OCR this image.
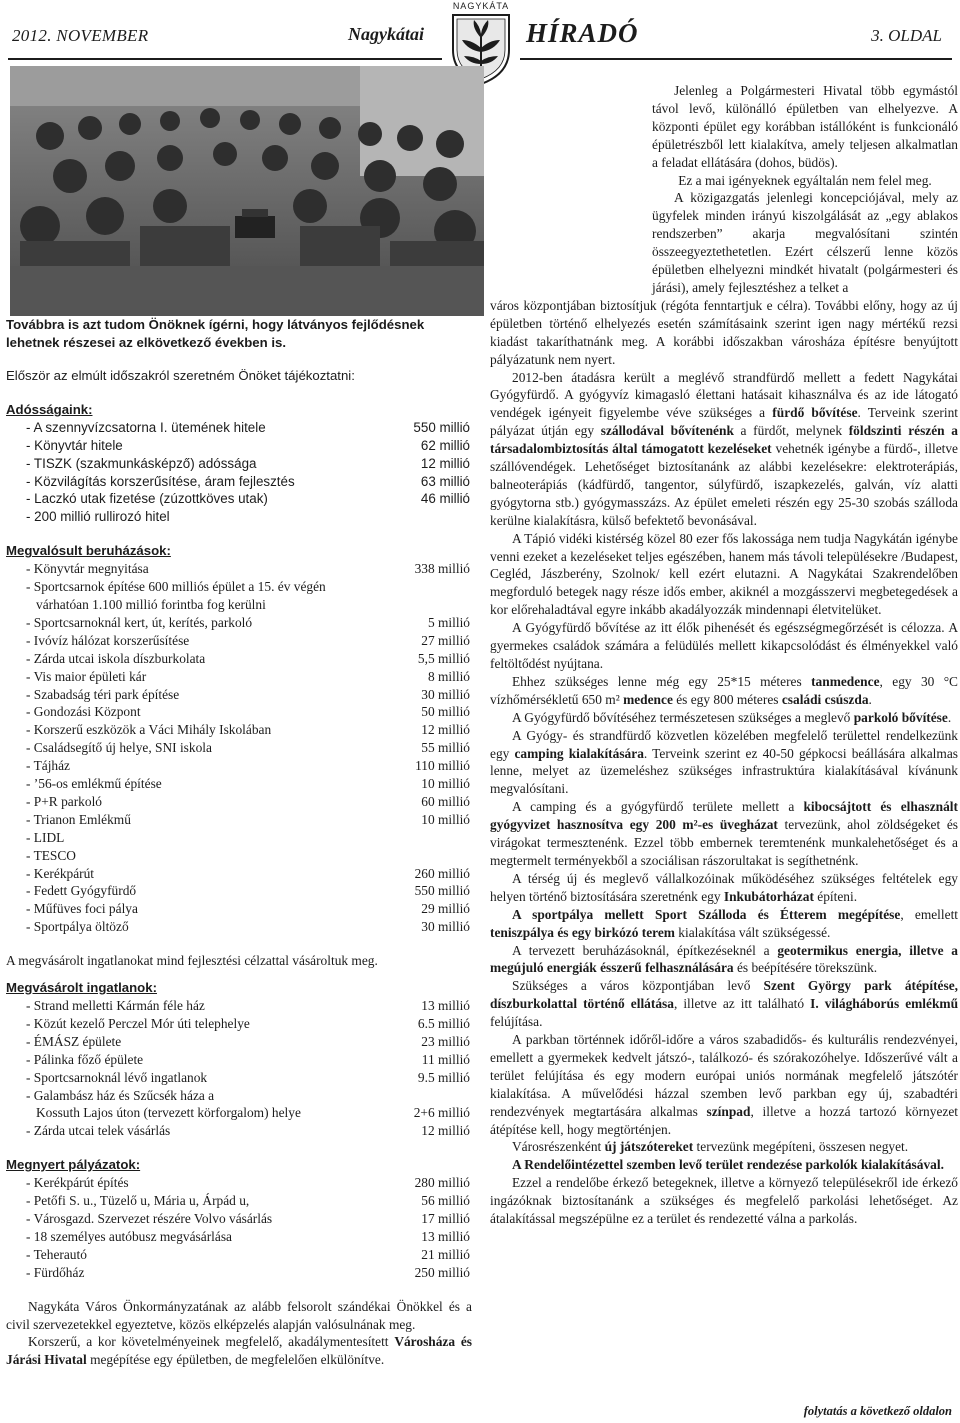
2012. NOVEMBER	Nagykátai	HÍRADÓ	3. OLDAL
NAGYKÁTA

Továbbra is azt tudom Önöknek ígérni, hogy látványos fejlődésnek lehetnek részesei az elkövetkező években is.

Először az elmúlt időszakról szeretném Önöket tájékoztatni:

Adósságaink:

- A szennyvízcsatorna I. ütemének hitele	550 millió
- Könyvtár hitele	62 millió
- TISZK (szakmunkásképző) adóssága	12 millió
- Közvilágítás korszerűsítése, áram fejlesztés	63 millió
- Laczkó utak fizetése (zúzottköves utak)	46 millió
- 200 millió rullirozó hitel

Megvalósult beruházások:

- Könyvtár megnyitása	338 millió
- Sportcsarnok építése 600 milliós épület a 15. év végén
várhatóan 1.100 millió forintba fog kerülni
- Sportcsarnoknál kert, út, kerítés, parkoló	5 millió
- Ivóvíz hálózat korszerűsítése	27 millió
- Zárda utcai iskola díszburkolata	5,5 millió
- Vis maior épületi kár	8 millió
- Szabadság téri park építése	30 millió
- Gondozási Központ	50 millió
- Korszerű eszközök a Váci Mihály Iskolában	12 millió
- Családsegítő új helye, SNI iskola	55 millió
- Tájház	110 millió
- ’56-os emlékmű építése	10 millió
- P+R parkoló	60 millió
- Trianon Emlékmű	10 millió
- LIDL
- TESCO
- Kerékpárút	260 millió
- Fedett Gyógyfürdő	550 millió
- Műfüves foci pálya	29 millió
- Sportpálya öltöző	30 millió

A megvásárolt ingatlanokat mind fejlesztési célzattal vásároltuk meg.

Megvásárolt ingatlanok:

- Strand melletti Kármán féle ház	13 millió
- Közút kezelő Perczel Mór úti telephelye	6.5 millió
- ÉMÁSZ épülete	23 millió
- Pálinka főző épülete	11 millió
- Sportcsarnoknál lévő ingatlanok	9.5 millió
- Galambász ház és Szűcsék háza a
Kossuth Lajos úton (tervezett körforgalom) helye	2+6 millió
- Zárda utcai telek vásárlás	12 millió

Megnyert pályázatok:

- Kerékpárút építés	280 millió
- Petőfi S. u., Tüzelő u, Mária u, Árpád u,	56 millió
- Városgazd. Szervezet részére Volvo vásárlás	17 millió
- 18 személyes autóbusz megvásárlása	13 millió
- Teherautó	21 millió
- Fürdőház	250 millió

Nagykáta Város Önkormányzatának az alább felsorolt szándékai Önökkel és a civil szervezetekkel egyeztetve, közös elképzelés alapján valósulnának meg.

Korszerű, a kor követelményeinek megfelelő, akadálymentesített Városháza és Járási Hivatal megépítése egy épületben, de megfelelően elkülönítve.

Jelenleg a Polgármesteri Hivatal több egymástól távol levő, különálló épületben van elhelyezve. A központi épület egy korábban istállóként is funkcionáló épületrészből lett kialakítva, amely teljesen alkalmatlan a feladat ellátására (dohos, büdös).

Ez a mai igényeknek egyáltalán nem felel meg.

A közigazgatás jelenlegi koncepciójával, mely az ügyfelek minden irányú kiszolgálását az „egy ablakos rendszerben” akarja megvalósítani szintén összeegyeztethetetlen. Ezért célszerű lenne közös épületben elhelyezni mindkét hivatalt (polgármesteri és járási), amely fejlesztéshez a telket a

város központjában biztosítjuk (régóta fenntartjuk e célra). További előny, hogy az új épületben történő elhelyezés esetén számításaink szerint igen nagy mértékű rezsi kiadást takaríthatnánk meg. A korábbi időszakban városháza építésre benyújtott pályázatunk nem nyert.

2012-ben átadásra került a meglévő strandfürdő mellett a fedett Nagykátai Gyógyfürdő. A gyógyvíz kimagasló élettani hatásait kihasználva és az ide látogató vendégek igényeit figyelembe véve szükséges a fürdő bővítése. Terveink szerint pályázat útján egy szállodával bővítenénk a fürdőt, melynek földszinti részén a társadalombiztosítás által támogatott kezeléseket vehetnék igénybe a fürdő-, illetve szállóvendégek. Lehetőséget biztosítanánk az alábbi kezelésekre: elektroterápiás, balneoterápiás (kádfürdő, tangentor, súlyfürdő, iszapkezelés, galván, víz alatti gyógytorna stb.) gyógymasszázs. Az épület emeleti részén egy 25-30 szobás szálloda kerülne kialakításra, külső befektető bevonásával.

A Tápió vidéki kistérség közel 80 ezer fős lakossága nem tudja Nagykátán igénybe venni ezeket a kezeléseket teljes egészében, hanem más távoli településekre /Budapest, Cegléd, Jászberény, Szolnok/ kell ezért elutazni. A Nagykátai Szakrendelőben megforduló betegek nagy része idős ember, akiknél a mozgásszervi megbetegedések a kor előrehaladtával egyre inkább akadályozzák mindennapi életvitelüket.

A Gyógyfürdő bővítése az itt élők pihenését és egészségmegőrzését is célozza. A gyermekes családok számára a felüdülés mellett kikapcsolódást és élményekkel való feltöltődést nyújtana.

Ehhez szükséges lenne még egy 25*15 méteres tanmedence, egy 30 °C vízhőmérsékletű 650 m² medence és egy 800 méteres családi csúszda.

A Gyógyfürdő bővítéséhez természetesen szükséges a meglevő parkoló bővítése.

A Gyógy- és strandfürdő közvetlen közelében megfelelő területtel rendelkezünk egy camping kialakítására. Terveink szerint ez 40-50 gépkocsi beállására alkalmas lenne, melyet az üzemeléshez szükséges infrastruktúra kialakításával kívánunk megvalósítani.

A camping és a gyógyfürdő területe mellett a kibocsájtott és elhasznált gyógyvizet hasznosítva egy 200 m²-es üvegházat tervezünk, ahol zöldségeket és virágokat termesztenénk. Ezzel több embernek teremtenénk munkalehetőséget és a megtermelt terményekből a szociálisan rászorultakat is segíthetnénk.

A térség új és meglevő vállalkozóinak működéséhez szükséges feltételek egy helyen történő biztosítására szeretnénk egy Inkubátorházat építeni.

A sportpálya mellett Sport Szálloda és Étterem megépítése, emellett teniszpálya és egy birkózó terem kialakítása vált szükségessé.

A tervezett beruházásoknál, építkezéseknél a geotermikus energia, illetve a megújuló energiák ésszerű felhasználására és beépítésére törekszünk.

Szükséges a város központjában levő Szent György park átépítése, díszburkolattal történő ellátása, illetve az itt található I. világháborús emlékmű felújítása.

A parkban történnek időről-időre a város szabadidős- és kulturális rendezvényei, emellett a gyermekek kedvelt játszó-, találkozó- és szórakozóhelye. Időszerűvé vált a terület felújítása és egy modern európai uniós normának megfelelő játszótér kialakítása. A művelődési házzal szemben levő parkban egy új, szabadtéri rendezvények megtartására alkalmas színpad, illetve a hozzá tartozó környezet átépítése kell, hogy megtörténjen.

Városrészenként új játszótereket tervezünk megépíteni, összesen negyet.

A Rendelőintézettel szemben levő terület rendezése parkolók kialakításával.

Ezzel a rendelőbe érkező betegeknek, illetve a környező településekről ide érkező ingázóknak biztosítanánk a szükséges és megfelelő parkolási lehetőséget. Az átalakítással megszépülne ez a terület és rendezetté válna a parkolás.

folytatás a következő oldalon
